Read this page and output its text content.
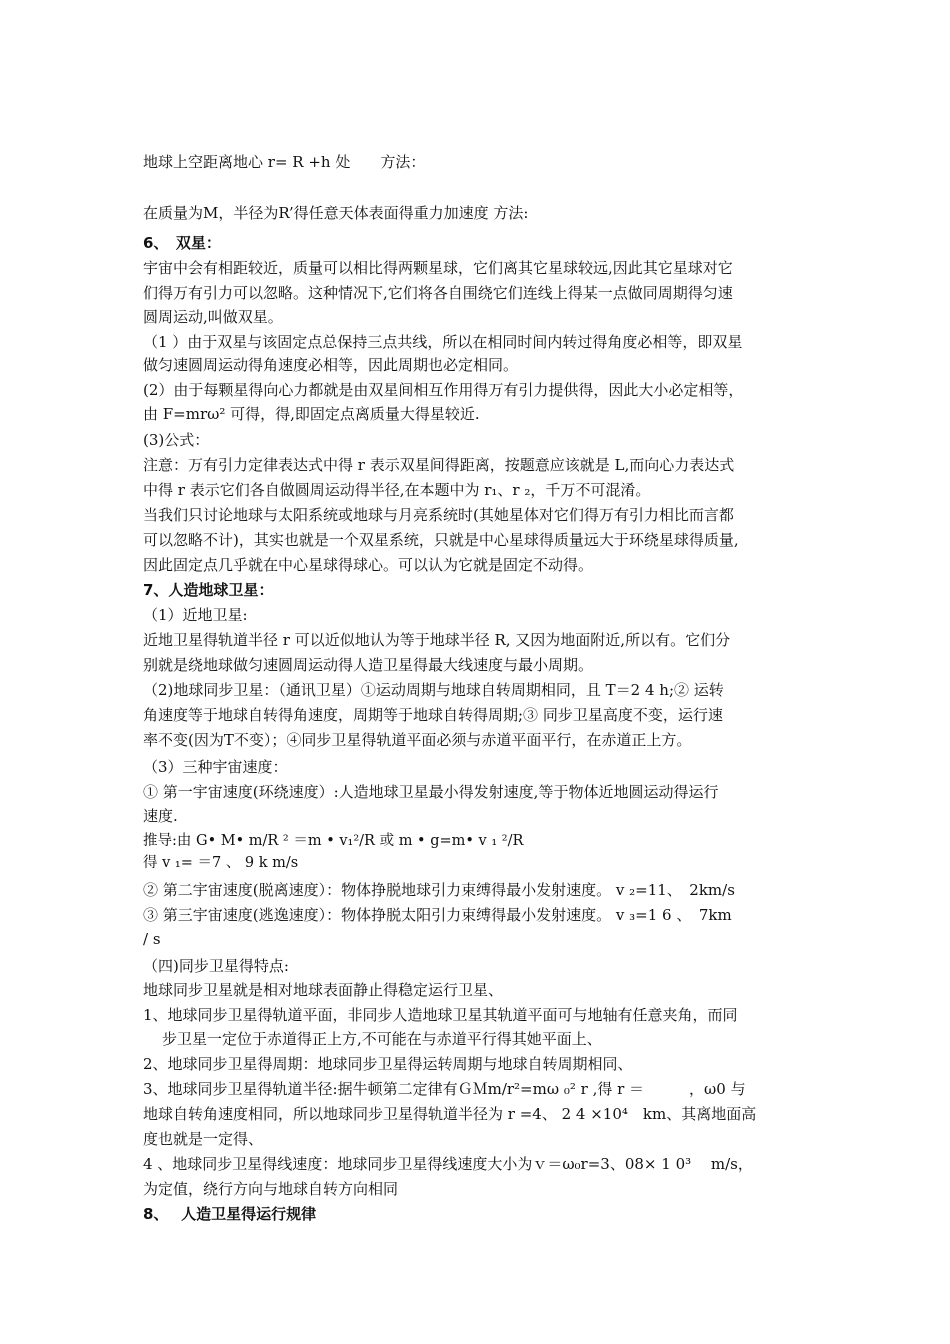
地球上空距离地心 r= R +h 处　　方法：
在质量为M，半径为R’得任意天体表面得重力加速度 方法:
6、　双星：
宇宙中会有相距较近，质量可以相比得两颗星球，它们离其它星球较远,因此其它星球对它
们得万有引力可以忽略。这种情况下,它们将各自围绕它们连线上得某一点做同周期得匀速
圆周运动,叫做双星。
（1 ）由于双星与该固定点总保持三点共线，所以在相同时间内转过得角度必相等，即双星
做匀速圆周运动得角速度必相等，因此周期也必定相同。
(2）由于每颗星得向心力都就是由双星间相互作用得万有引力提供得，因此大小必定相等，
由 F=mrω² 可得，得,即固定点离质量大得星较近.
(3)公式：
注意：万有引力定律表达式中得 r 表示双星间得距离，按题意应该就是 L,而向心力表达式
中得 r 表示它们各自做圆周运动得半径,在本题中为 r₁、r ₂，千万不可混淆。
当我们只讨论地球与太阳系统或地球与月亮系统时(其她星体对它们得万有引力相比而言都
可以忽略不计)，其实也就是一个双星系统，只就是中心星球得质量远大于环绕星球得质量,
因此固定点几乎就在中心星球得球心。可以认为它就是固定不动得。
7、人造地球卫星：
（1）近地卫星:
近地卫星得轨道半径 r 可以近似地认为等于地球半径 R, 又因为地面附近,所以有。它们分
别就是绕地球做匀速圆周运动得人造卫星得最大线速度与最小周期。
（2)地球同步卫星：（通讯卫星）①运动周期与地球自转周期相同，且 T＝2 4 h;② 运转
角速度等于地球自转得角速度，周期等于地球自转得周期;③ 同步卫星高度不变，运行速
率不变(因为T不变）；④同步卫星得轨道平面必须与赤道平面平行，在赤道正上方。
（3）三种宇宙速度：
① 第一宇宙速度(环绕速度）:人造地球卫星最小得发射速度,等于物体近地圆运动得运行
速度.
推导:由 G• M• m/R ² ＝m • v₁²/R 或 m • g=m• v ₁ ²/R
得 v ₁= ＝7 、 9 k m/s
② 第二宇宙速度(脱离速度）：物体挣脱地球引力束缚得最小发射速度。 v ₂=11、　2km/s
③ 第三宇宙速度(逃逸速度）：物体挣脱太阳引力束缚得最小发射速度。 v ₃=1 6 、　7km
/ s
（四)同步卫星得特点:
地球同步卫星就是相对地球表面静止得稳定运行卫星、
1、地球同步卫星得轨道平面，非同步人造地球卫星其轨道平面可与地轴有任意夹角，而同
步卫星一定位于赤道得正上方,不可能在与赤道平行得其她平面上、
2、地球同步卫星得周期：地球同步卫星得运转周期与地球自转周期相同、
3、地球同步卫星得轨道半径:据牛顿第二定律有ＧＭm/r²=mω ₀² r ,得 r ＝　　　，ω0 与
地球自转角速度相同，所以地球同步卫星得轨道半径为 r =4、 2 4 ×10⁴　km、其离地面高
度也就是一定得、
4 、地球同步卫星得线速度：地球同步卫星得线速度大小为ｖ＝ω₀r=3、08× 1 0³　 m/s，
为定值，绕行方向与地球自转方向相同
8、　 人造卫星得运行规律
